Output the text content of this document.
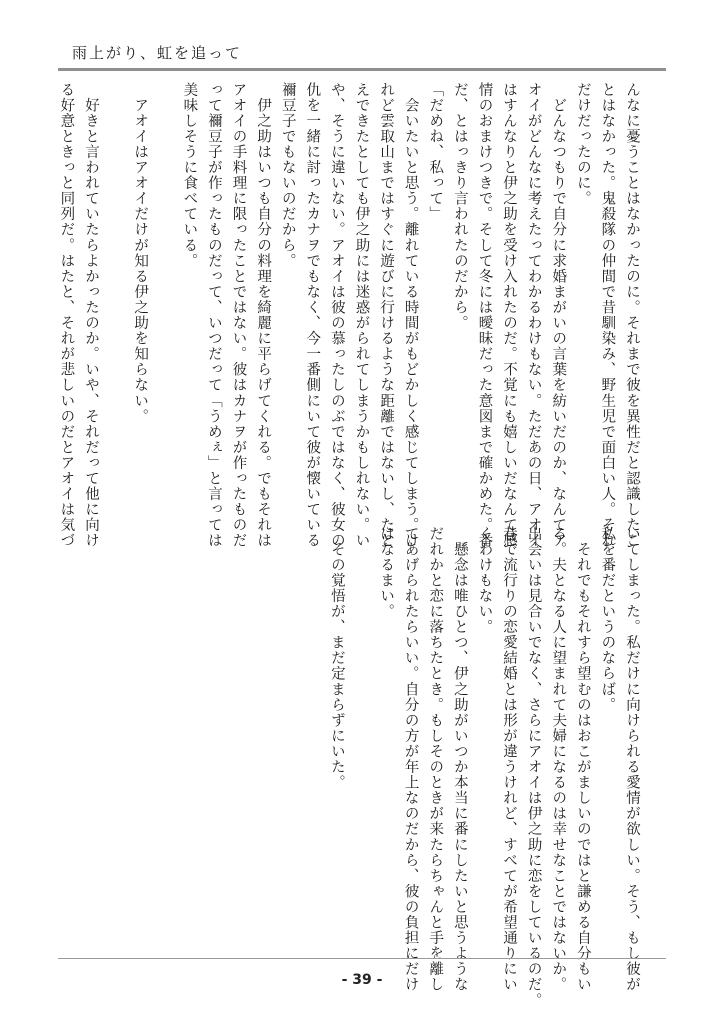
雨上がり、虹を追って
んなに憂うことはなかったのに。それまで彼を異性だと認識したこ
とはなかった。鬼殺隊の仲間で昔馴染み、野生児で面白い人。それ
だけだったのに。
　どんなつもりで自分に求婚まがいの言葉を紡いだのか、なんてア
オイがどんなに考えたってわかるわけもない。ただあの日、アオイ
はすんなりと伊之助を受け入れたのだ。不覚にも嬉しいだなんて感
情のおまけつきで。そして冬には曖昧だった意図まで確かめた。番
だ、とはっきり言われたのだから。
「だめね、私って」
　会いたいと思う。離れている時間がもどかしく感じてしまう。け
れど雲取山まではすぐに遊びに行けるような距離ではないし、たと
えできたとしても伊之助には迷惑がられてしまうかもしれない。い
や、そうに違いない。アオイは彼の慕ったしのぶではなく、彼女の
仇を一緒に討ったカナヲでもなく、今一番側にいて彼が懐いている
禰豆子でもないのだから。
　伊之助はいつも自分の料理を綺麗に平らげてくれる。でもそれは
アオイの手料理に限ったことではない。彼はカナヲが作ったものだ
って禰豆子が作ったものだって、いつだって「うめぇ」と言っては
美味しそうに食べている。

　アオイはアオイだけが知る伊之助を知らない。

　好きと言われていたらよかったのか。いや、それだって他に向け
る好意ときっと同列だ。はたと、それが悲しいのだとアオイは気づ
いてしまった。私だけに向けられる愛情が欲しい。そう、もし彼が
私を番だというのならば。
　それでもそれすら望むのはおこがましいのではと謙める自分もい
る。夫となる人に望まれて夫婦になるのは幸せなことではないか。
出会いは見合いでなく、さらにアオイは伊之助に恋をしているのだ。
巷で流行りの恋愛結婚とは形が違うけれど、すべてが希望通りにい
くわけもない。
　懸念は唯ひとつ、伊之助がいつか本当に番にしたいと思うような
だれかと恋に落ちたとき。もしそのときが来たらちゃんと手を離し
てあげられたらいい。自分の方が年上なのだから、彼の負担にだけ
はなるまい。

　その覚悟が、まだ定まらずにいた。
- 39 -
